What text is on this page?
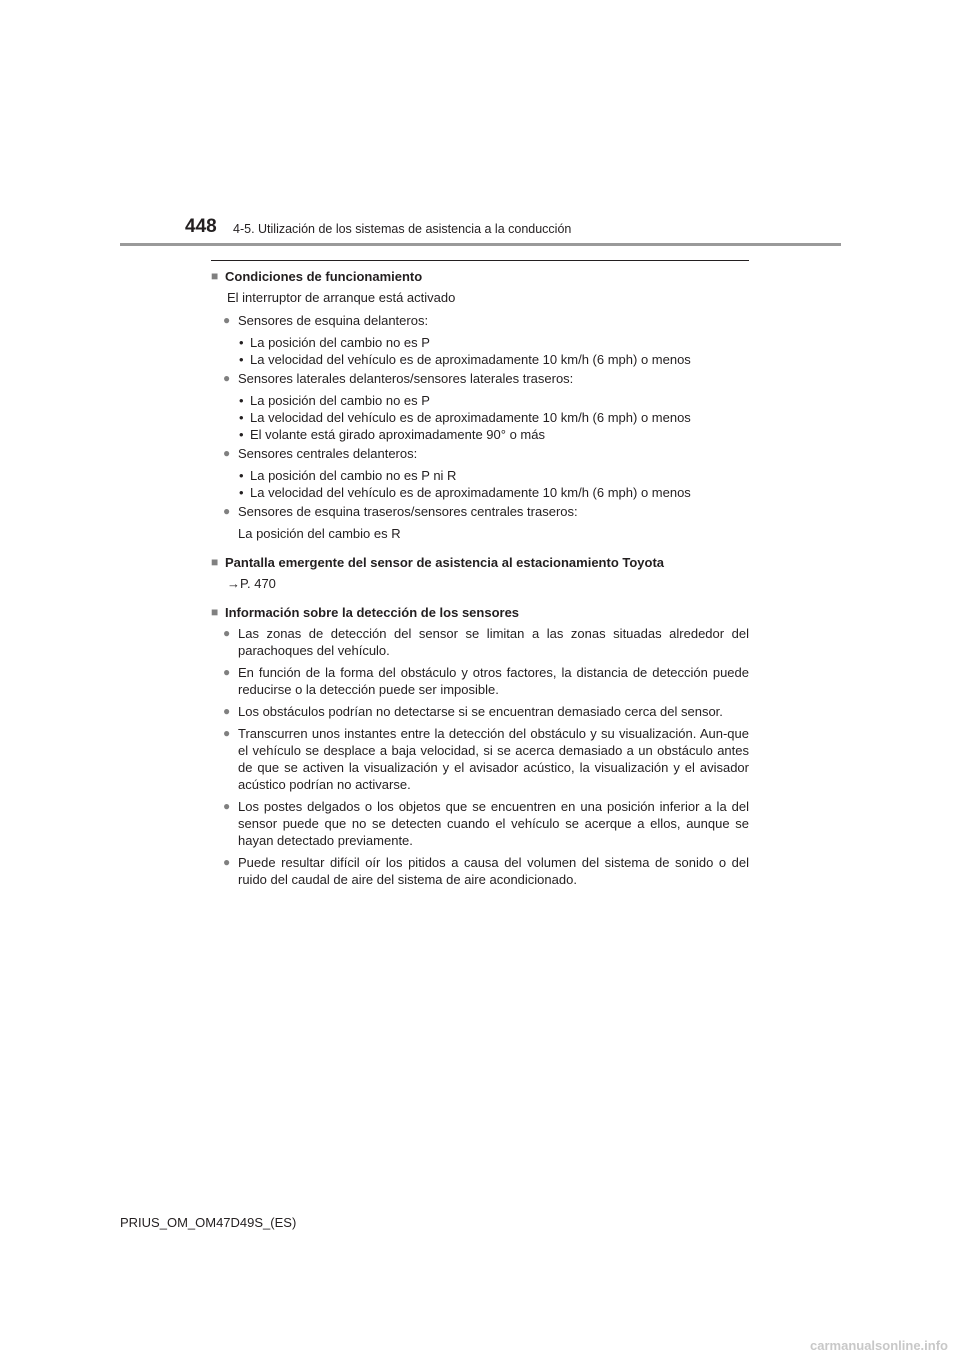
448 4-5. Utilización de los sistemas de asistencia a la conducción
■ Condiciones de funcionamiento
El interruptor de arranque está activado
● Sensores de esquina delanteros:
• La posición del cambio no es P
• La velocidad del vehículo es de aproximadamente 10 km/h (6 mph) o menos
● Sensores laterales delanteros/sensores laterales traseros:
• La posición del cambio no es P
• La velocidad del vehículo es de aproximadamente 10 km/h (6 mph) o menos
• El volante está girado aproximadamente 90° o más
● Sensores centrales delanteros:
• La posición del cambio no es P ni R
• La velocidad del vehículo es de aproximadamente 10 km/h (6 mph) o menos
● Sensores de esquina traseros/sensores centrales traseros:
La posición del cambio es R
■ Pantalla emergente del sensor de asistencia al estacionamiento Toyota
→P. 470
■ Información sobre la detección de los sensores
● Las zonas de detección del sensor se limitan a las zonas situadas alrededor del parachoques del vehículo.
● En función de la forma del obstáculo y otros factores, la distancia de detección puede reducirse o la detección puede ser imposible.
● Los obstáculos podrían no detectarse si se encuentran demasiado cerca del sensor.
● Transcurren unos instantes entre la detección del obstáculo y su visualización. Aun-que el vehículo se desplace a baja velocidad, si se acerca demasiado a un obstáculo antes de que se activen la visualización y el avisador acústico, la visualización y el avisador acústico podrían no activarse.
● Los postes delgados o los objetos que se encuentren en una posición inferior a la del sensor puede que no se detecten cuando el vehículo se acerque a ellos, aunque se hayan detectado previamente.
● Puede resultar difícil oír los pitidos a causa del volumen del sistema de sonido o del ruido del caudal de aire del sistema de aire acondicionado.
PRIUS_OM_OM47D49S_(ES)
carmanualsonline.info
